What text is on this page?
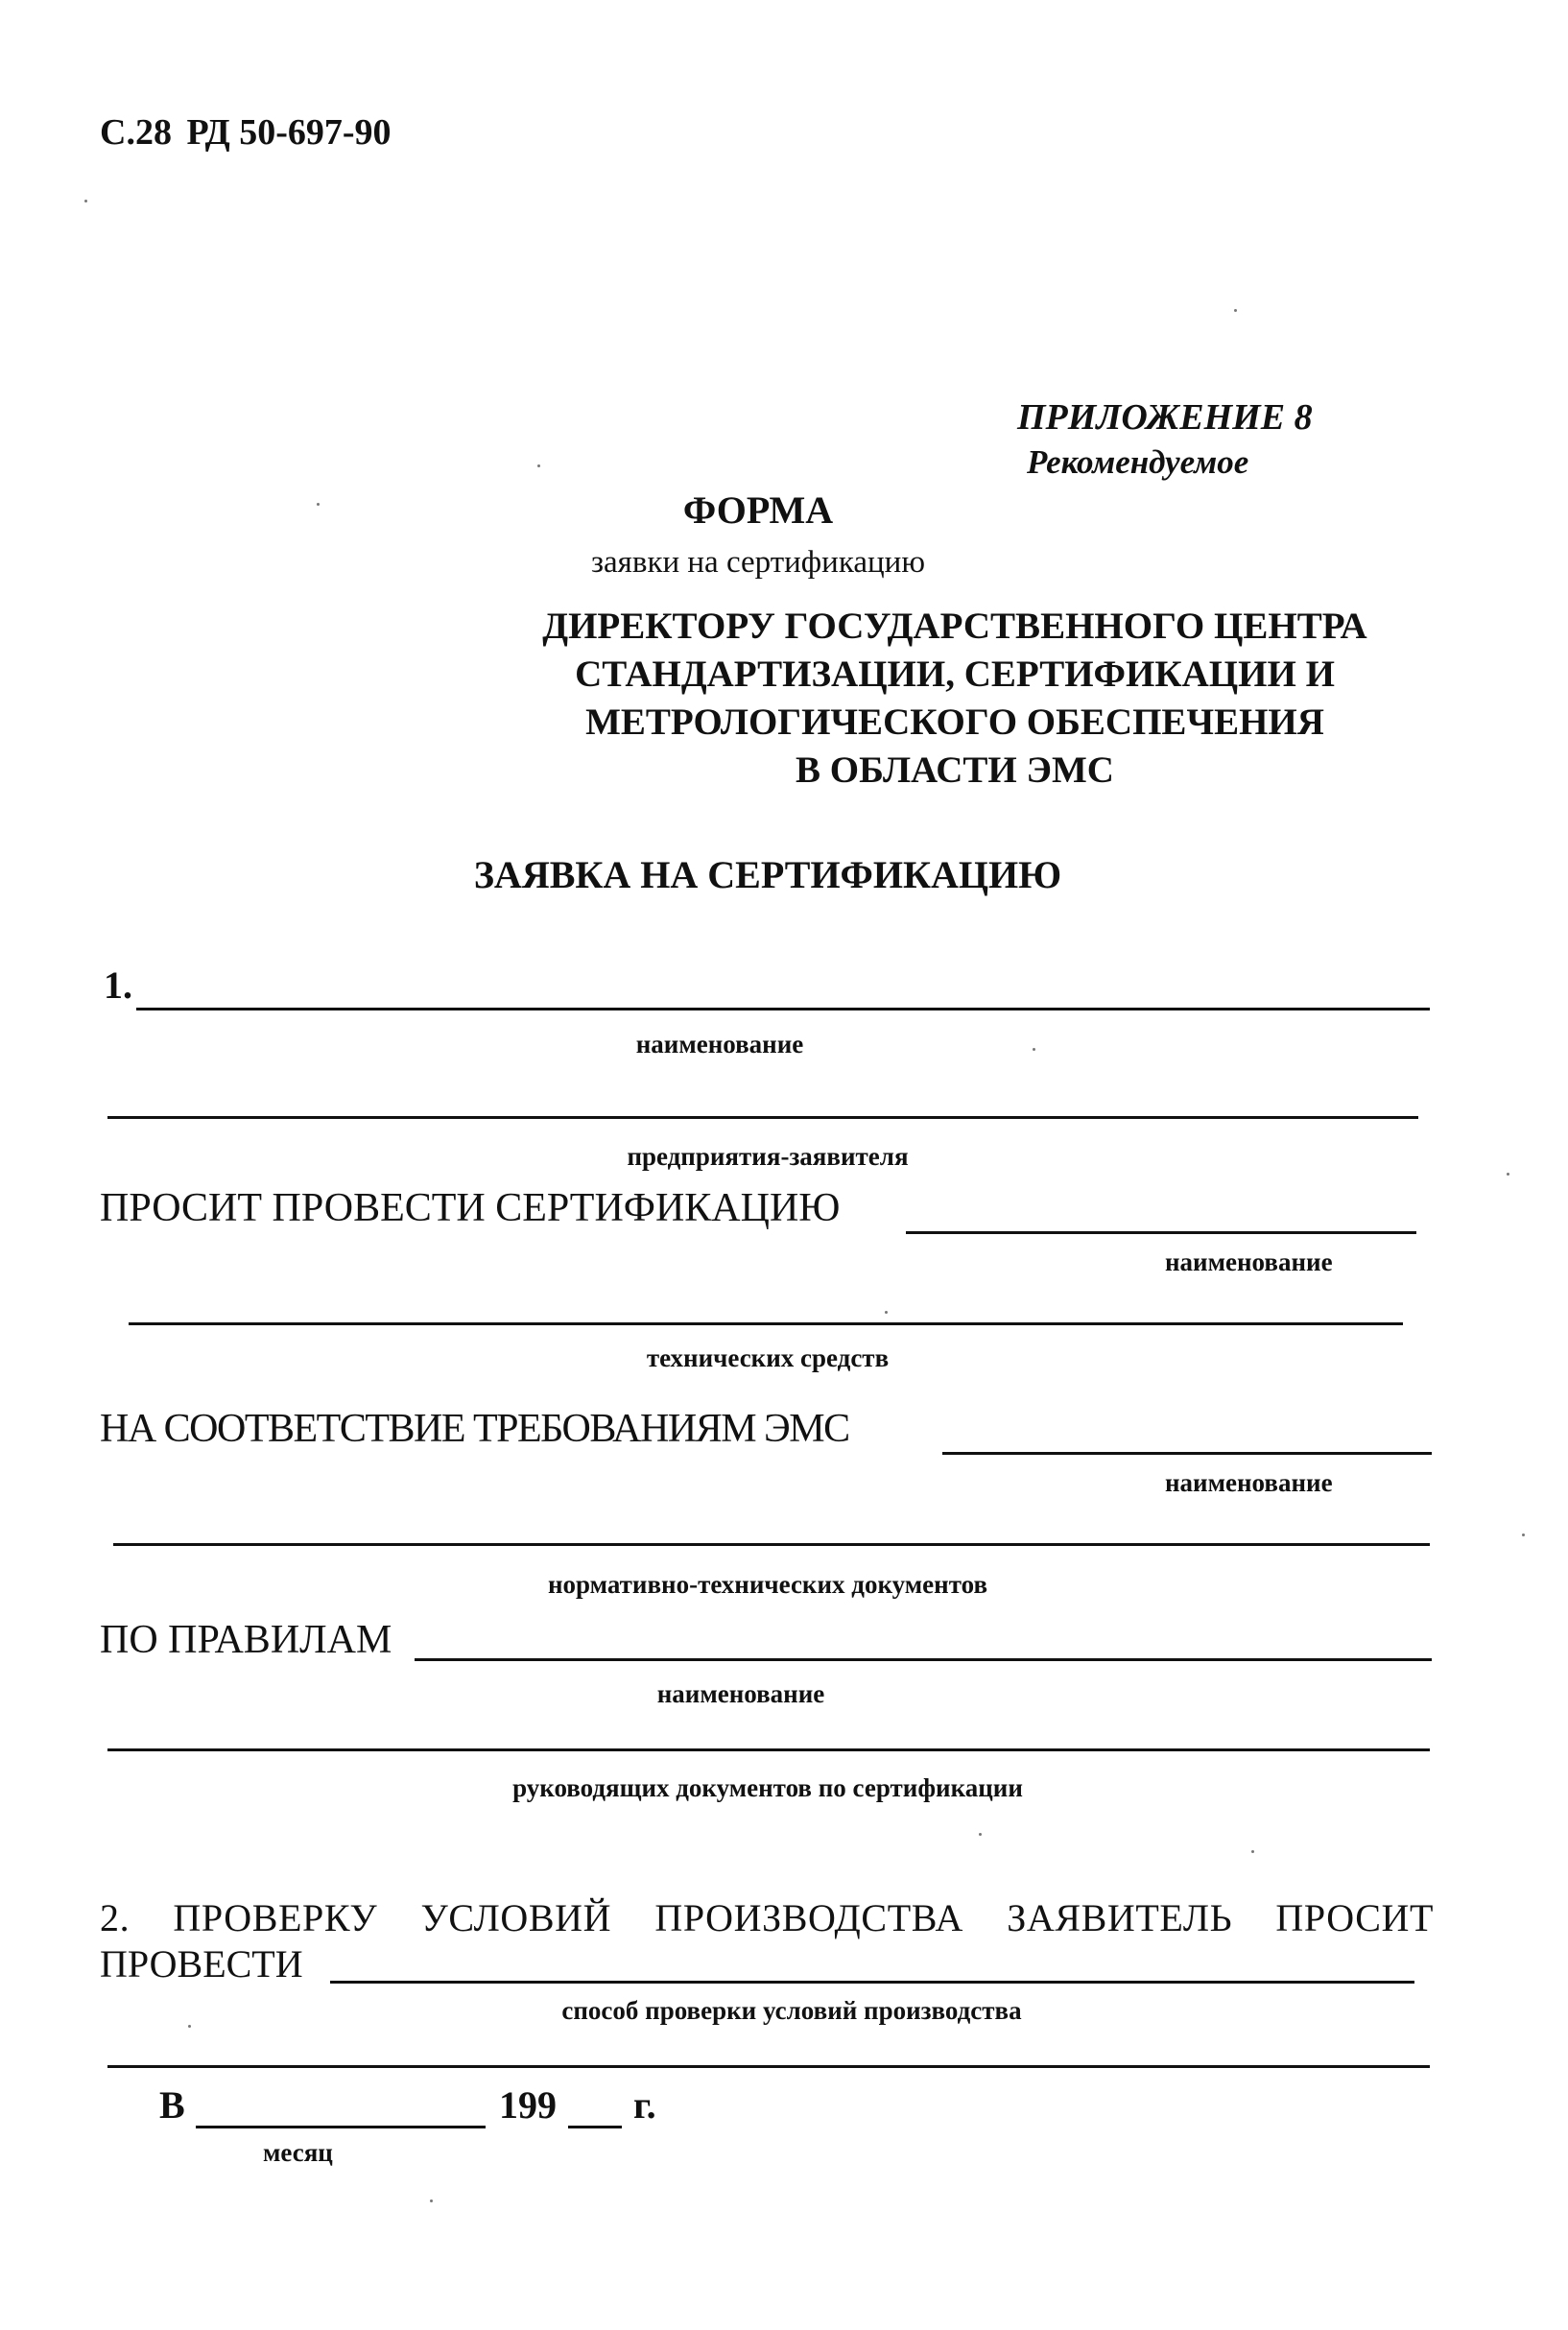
С.28 РД 50-697-90
ПРИЛОЖЕНИЕ 8
Рекомендуемое
ФОРМА
заявки на сертификацию
ДИРЕКТОРУ ГОСУДАРСТВЕННОГО ЦЕНТРА
СТАНДАРТИЗАЦИИ, СЕРТИФИКАЦИИ И
МЕТРОЛОГИЧЕСКОГО ОБЕСПЕЧЕНИЯ
В ОБЛАСТИ ЭМС
ЗАЯВКА НА СЕРТИФИКАЦИЮ
1.
наименование
предприятия-заявителя
ПРОСИТ ПРОВЕСТИ СЕРТИФИКАЦИЮ
наименование
технических средств
НА СООТВЕТСТВИЕ ТРЕБОВАНИЯМ ЭМС
наименование
нормативно-технических документов
ПО ПРАВИЛАМ
наименование
руководящих документов по сертификации
2. ПРОВЕРКУ УСЛОВИЙ ПРОИЗВОДСТВА ЗАЯВИТЕЛЬ ПРОСИТ
ПРОВЕСТИ
способ проверки условий производства
В	199 г.
месяц
